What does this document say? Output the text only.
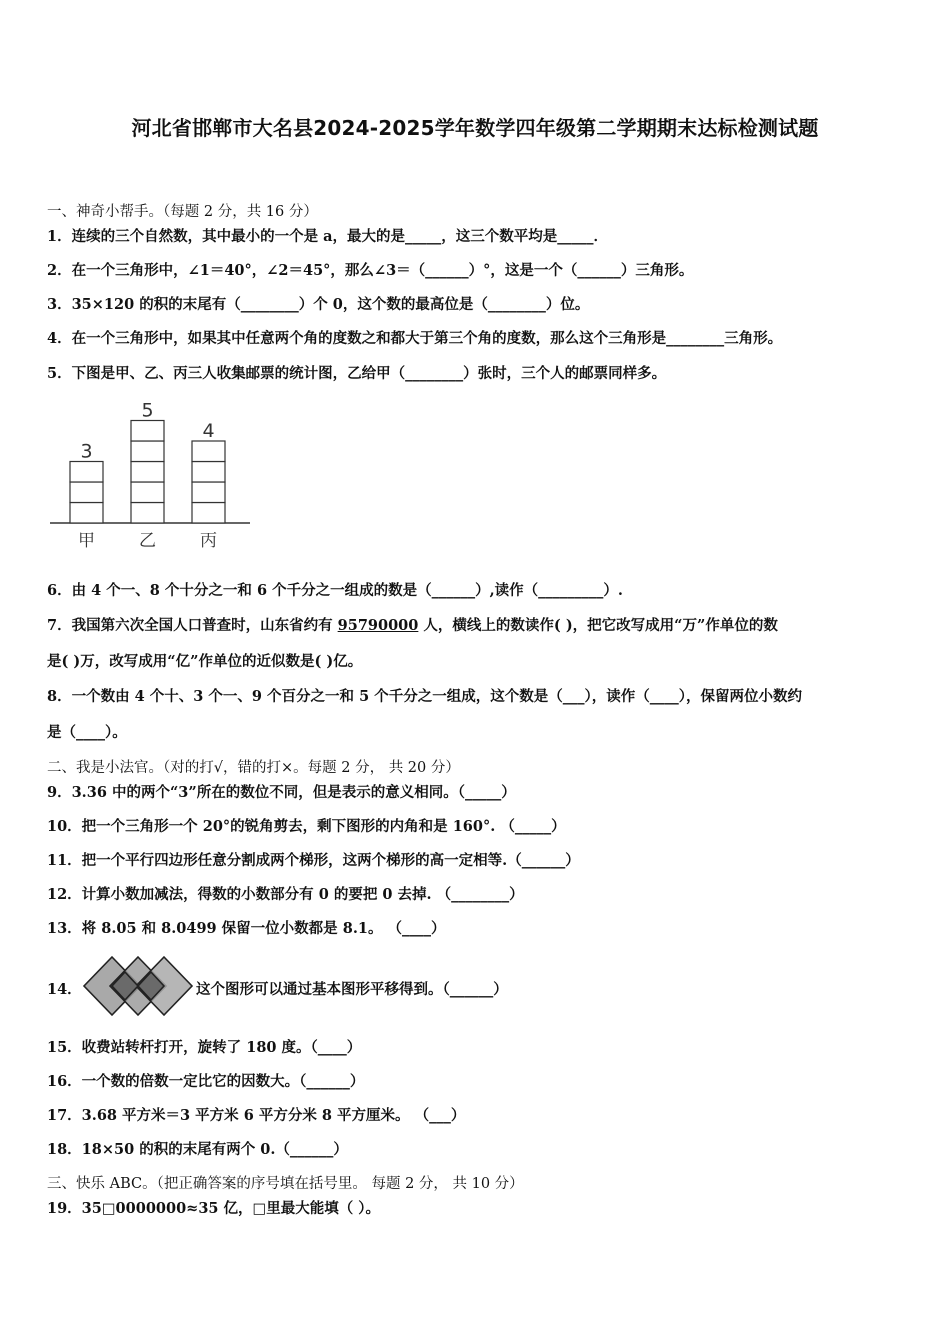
河北省邯郸市大名县2024-2025学年数学四年级第二学期期末达标检测试题
一、神奇小帮手。（每题 2 分，共 16 分）
1．连续的三个自然数，其中最小的一个是 a，最大的是_____，这三个数平均是_____．
2．在一个三角形中，∠1＝40°，∠2＝45°，那么∠3＝（______）°，这是一个（______）三角形。
3．35×120 的积的末尾有（________）个 0，这个数的最高位是（________）位。
4．在一个三角形中，如果其中任意两个角的度数之和都大于第三个角的度数，那么这个三角形是________三角形。
5．下图是甲、乙、丙三人收集邮票的统计图，乙给甲（________）张时，三个人的邮票同样多。
3
甲
5
乙
4
丙
6．由 4 个一、8 个十分之一和 6 个千分之一组成的数是（______）,读作（_________）.
7．我国第六次全国人口普查时，山东省约有 95790000 人，横线上的数读作( )，把它改写成用“万”作单位的数
是( )万，改写成用“亿”作单位的近似数是( )亿。
8．一个数由 4 个十、3 个一、9 个百分之一和 5 个千分之一组成，这个数是（___），读作（____），保留两位小数约
是（____）。
二、我是小法官。（对的打√，错的打×。每题 2 分， 共 20 分）
9．3.36 中的两个“3”所在的数位不同，但是表示的意义相同。（_____）
10．把一个三角形一个 20°的锐角剪去，剩下图形的内角和是 160°. （_____）
11．把一个平行四边形任意分割成两个梯形，这两个梯形的高一定相等.（______）
12．计算小数加减法，得数的小数部分有 0 的要把 0 去掉. （________）
13．将 8.05 和 8.0499 保留一位小数都是 8.1。 （____）
14．	这个图形可以通过基本图形平移得到。（______）
15．收费站转杆打开，旋转了 180 度。（____）
16．一个数的倍数一定比它的因数大。（______）
17．3.68 平方米＝3 平方米 6 平方分米 8 平方厘米。 （___）
18．18×50 的积的末尾有两个 0.（______）
三、快乐 ABC。（把正确答案的序号填在括号里。 每题 2 分， 共 10 分）
19．35□0000000≈35 亿，□里最大能填（ ）。
